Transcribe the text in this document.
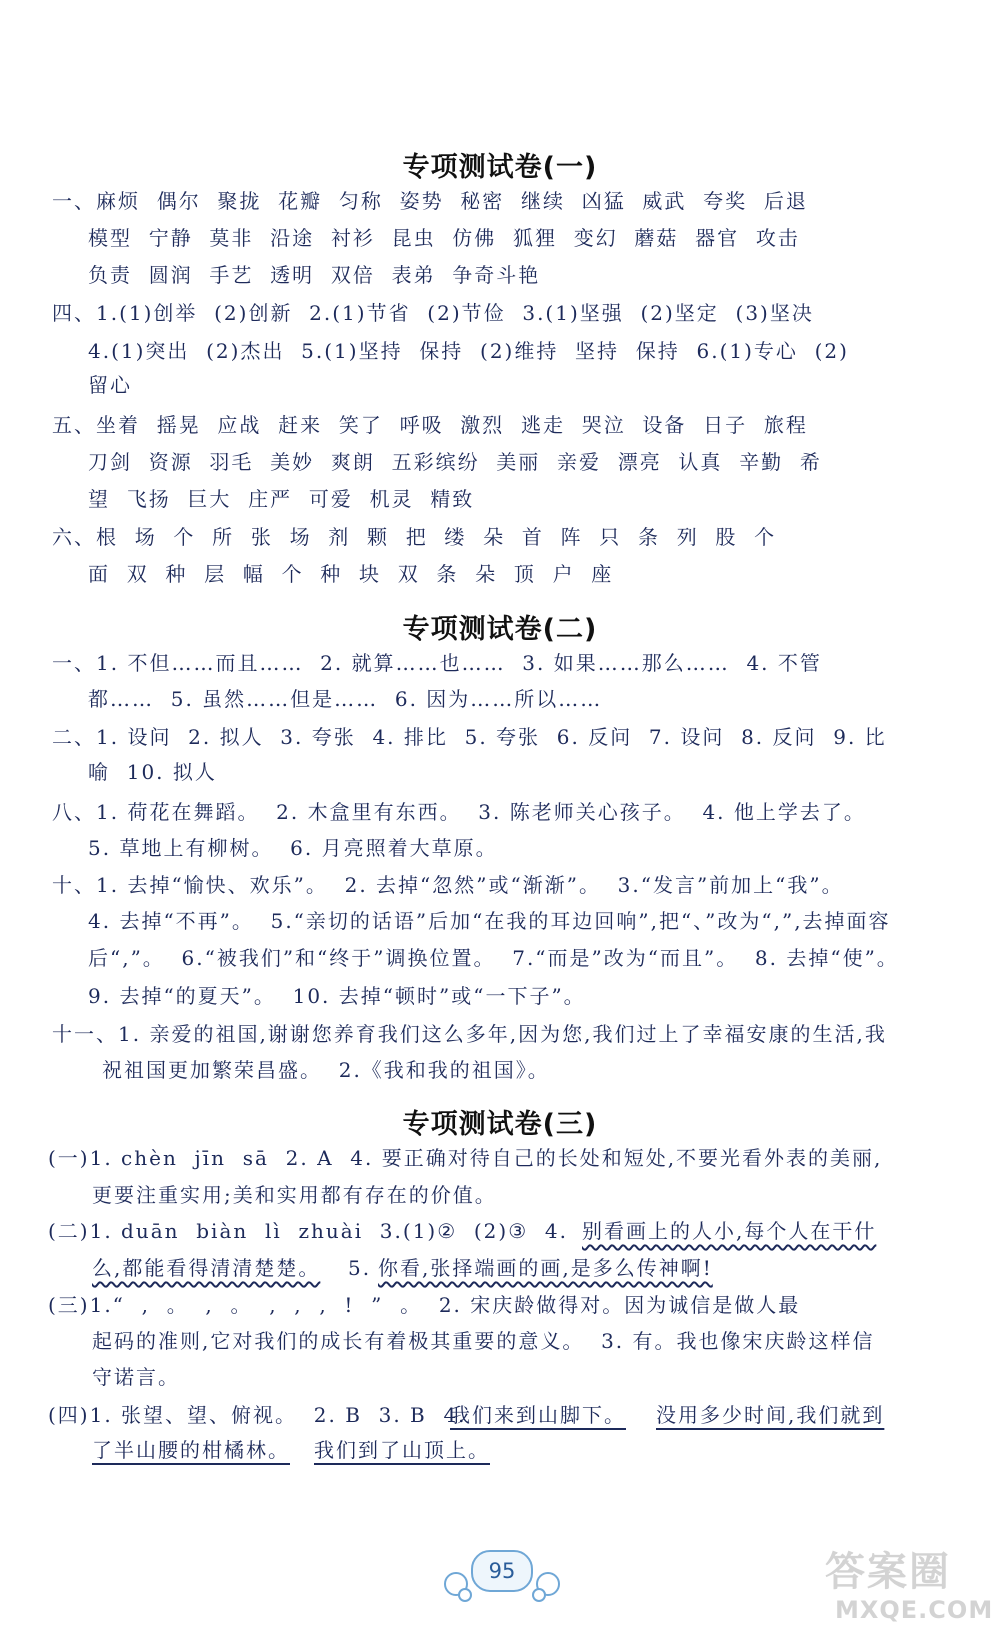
专项测试卷(一)
一、麻烦  偶尔  聚拢  花瓣  匀称  姿势  秘密  继续  凶猛  威武  夸奖  后退
模型  宁静  莫非  沿途  衬衫  昆虫  仿佛  狐狸  变幻  蘑菇  器官  攻击
负责  圆润  手艺  透明  双倍  表弟  争奇斗艳
四、1.(1)创举  (2)创新  2.(1)节省  (2)节俭  3.(1)坚强  (2)坚定  (3)坚决
4.(1)突出  (2)杰出  5.(1)坚持  保持  (2)维持  坚持  保持  6.(1)专心  (2)
留心
五、坐着  摇晃  应战  赶来  笑了  呼吸  激烈  逃走  哭泣  设备  日子  旅程
刀剑  资源  羽毛  美妙  爽朗  五彩缤纷  美丽  亲爱  漂亮  认真  辛勤  希
望  飞扬  巨大  庄严  可爱  机灵  精致
六、根  场  个  所  张  场  剂  颗  把  缕  朵  首  阵  只  条  列  股  个
面  双  种  层  幅  个  种  块  双  条  朵  顶  户  座
专项测试卷(二)
一、1. 不但……而且……  2. 就算……也……  3. 如果……那么……  4. 不管
都……  5. 虽然……但是……  6. 因为……所以……
二、1. 设问  2. 拟人  3. 夸张  4. 排比  5. 夸张  6. 反问  7. 设问  8. 反问  9. 比
喻  10. 拟人
八、1. 荷花在舞蹈。  2. 木盒里有东西。  3. 陈老师关心孩子。  4. 他上学去了。
5. 草地上有柳树。  6. 月亮照着大草原。
十、1. 去掉“愉快、欢乐”。  2. 去掉“忽然”或“渐渐”。  3.“发言”前加上“我”。
4. 去掉“不再”。  5.“亲切的话语”后加“在我的耳边回响”,把“、”改为“,”,去掉面容
后“,”。  6.“被我们”和“终于”调换位置。  7.“而是”改为“而且”。  8. 去掉“使”。
9. 去掉“的夏天”。  10. 去掉“顿时”或“一下子”。
十一、1. 亲爱的祖国,谢谢您养育我们这么多年,因为您,我们过上了幸福安康的生活,我
祝祖国更加繁荣昌盛。  2.《我和我的祖国》。
专项测试卷(三)
(一)1. chèn  jīn  sā  2. A  4. 要正确对待自己的长处和短处,不要光看外表的美丽,
更要注重实用;美和实用都有存在的价值。
(二)1. duān  biàn  lì  zhuài  3.(1)②  (2)③  4. 别看画上的人小,每个人在干什
么,都能看得清清楚楚。 5. 你看,张择端画的画,是多么传神啊!
(三)1.“  ,  。  ,  。  ,  ,  ,  !  ”  。  2. 宋庆龄做得对。因为诚信是做人最
起码的准则,它对我们的成长有着极其重要的意义。  3. 有。我也像宋庆龄这样信
守诺言。
(四)1. 张望、望、俯视。  2. B  3. B  4.
我们来到山脚下。 没用多少时间,我们就到
了半山腰的柑橘林。 我们到了山顶上。
95	答案圈
MXQE.COM
